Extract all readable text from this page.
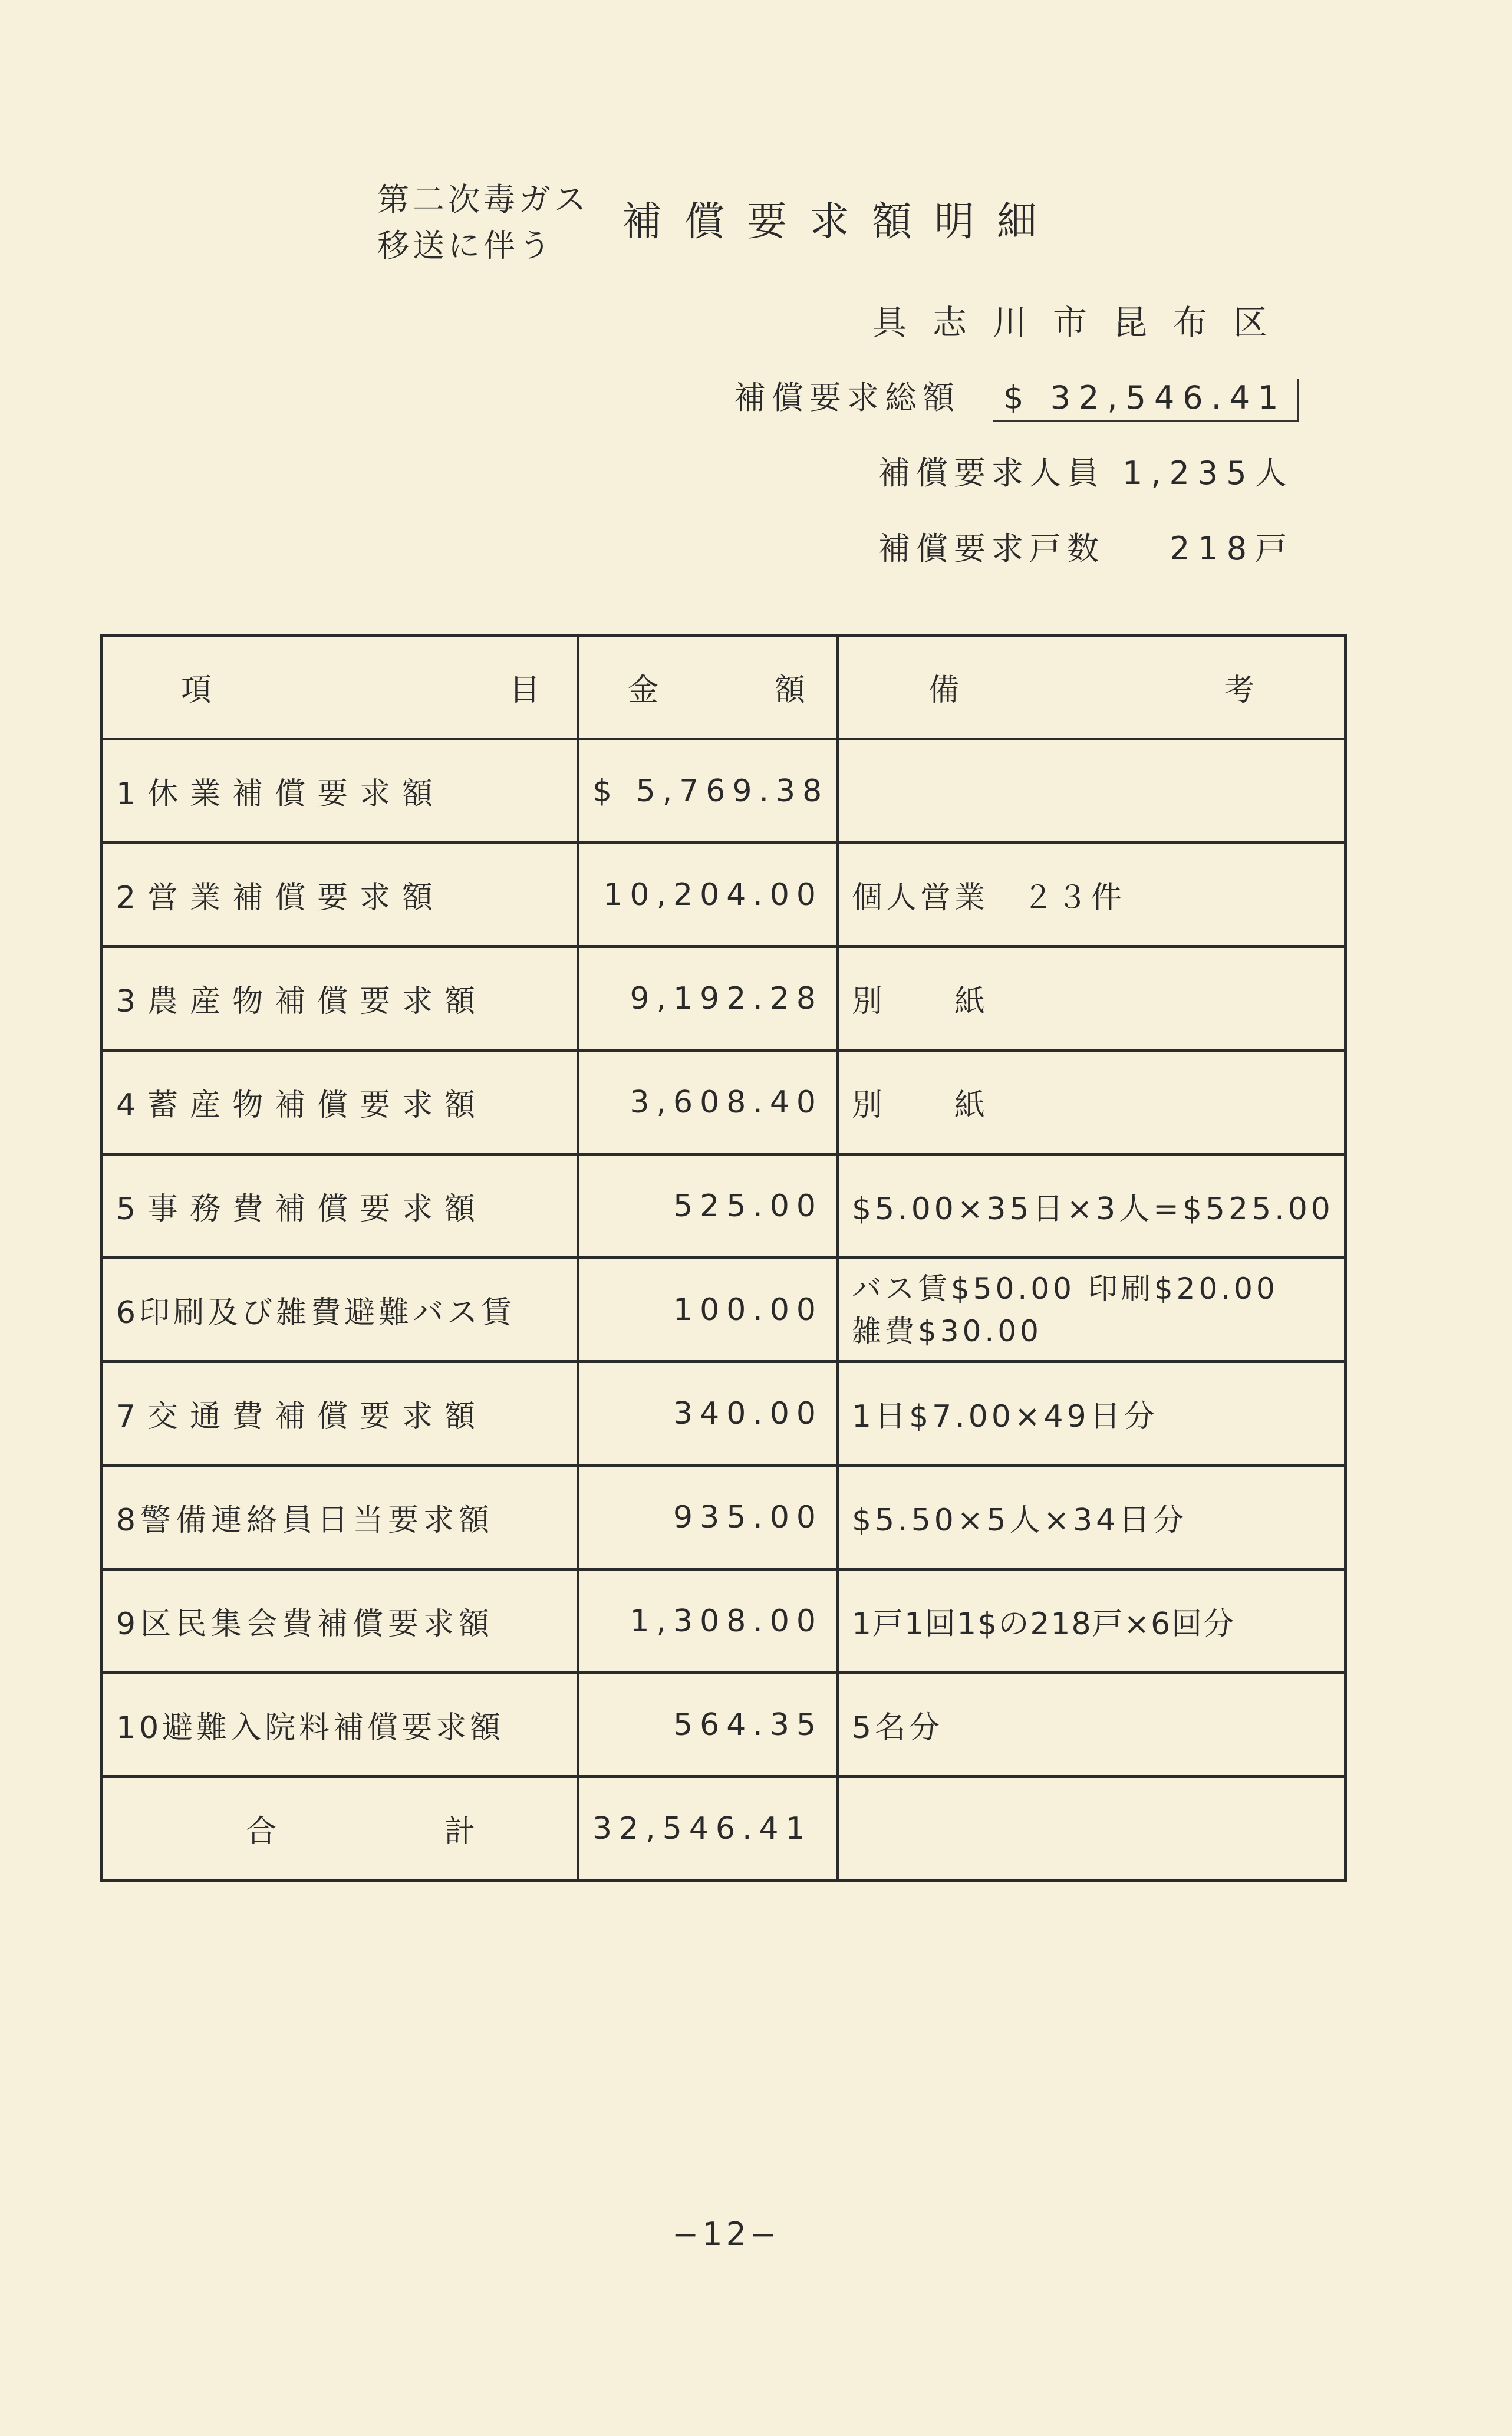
第二次毒ガス
移送に伴う
補償要求額明細
具志川市昆布区
補償要求総額 $ 32,546.41
補償要求人員 1,235人
補償要求戸数 218戸
項 目	金 額	備 考

1休業補償要求額	$ 5,769.38	
2営業補償要求額	10,204.00	個人営業　２３件
3農産物補償要求額	9,192.28	別　　紙
4蓄産物補償要求額	3,608.40	別　　紙
5事務費補償要求額	525.00	$5.00×35日×3人=$525.00
6印刷及び雑費避難バス賃	100.00	バス賃$50.00 印刷$20.00
雑費$30.00

7交通費補償要求額	340.00	1日$7.00×49日分
8警備連絡員日当要求額	935.00	$5.50×5人×34日分
9区民集会費補償要求額	1,308.00	1戸1回1$の218戸×6回分
10避難入院料補償要求額	564.35	5名分

合 計	32,546.41	
−12−
